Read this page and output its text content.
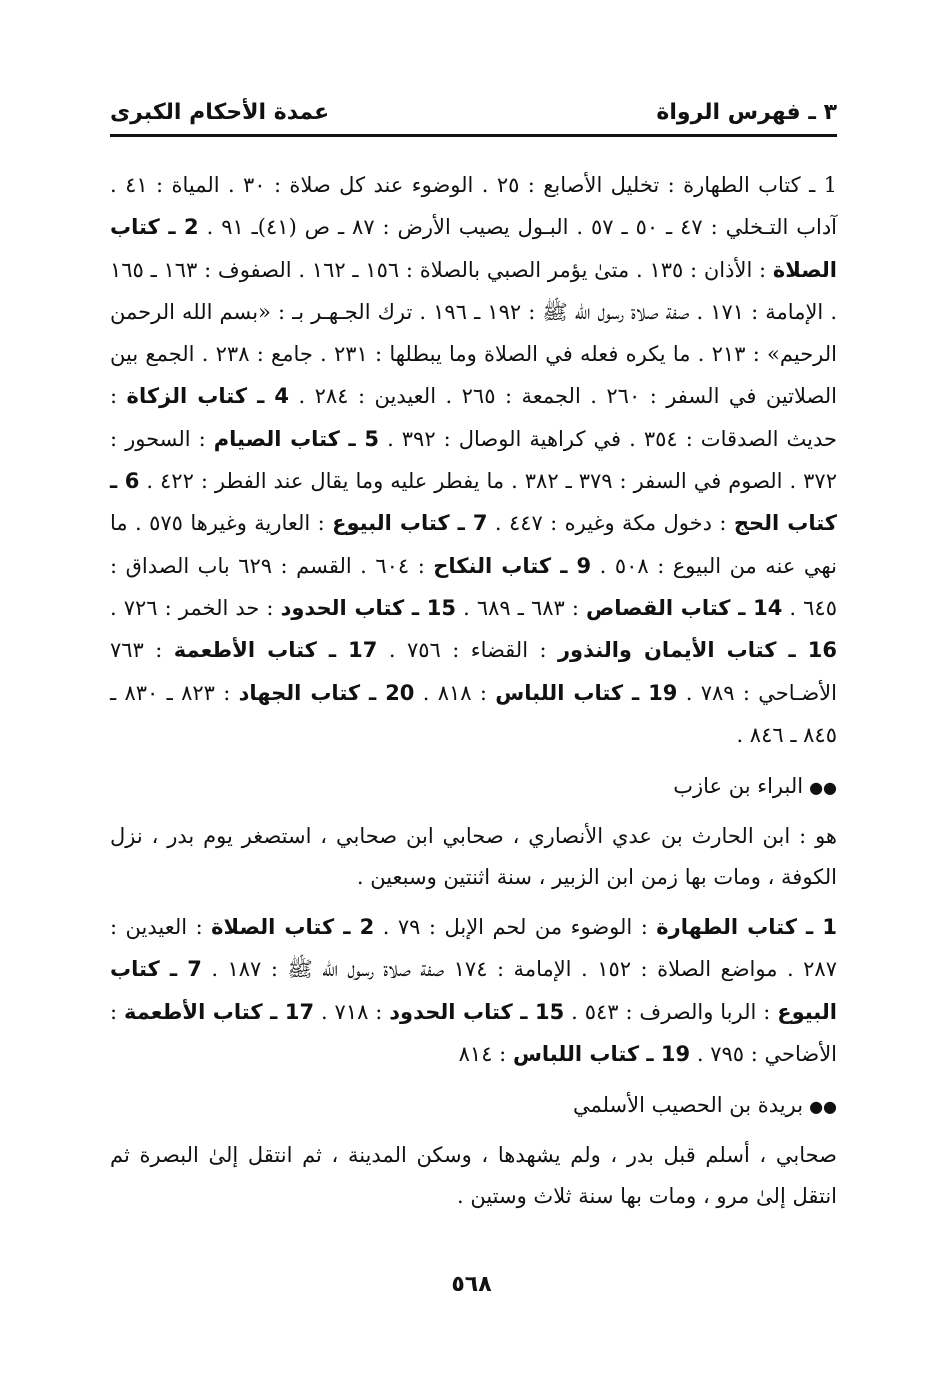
٣ ـ فهرس الرواة
عمدة الأحكام الكبرى

1 ـ كتاب الطهارة : تخليل الأصابع : ٢٥ . الوضوء عند كل صلاة : ٣٠ . المياة : ٤١ . آداب التـخلي : ٤٧ ـ ٥٠ ـ ٥٧ . البـول يصيب الأرض : ٨٧ ـ ص (٤١)ـ ٩١ . 2 ـ كتاب الصلاة : الأذان : ١٣٥ . متىٰ يؤمر الصبي بالصلاة : ١٥٦ ـ ١٦٢ . الصفوف : ١٦٣ ـ ١٦٥ . الإمامة : ١٧١ . صفة صلاة رسول الله ﷺ : ١٩٢ ـ ١٩٦ . ترك الجـهـر بـ : «بسم الله الرحمن الرحيم» : ٢١٣ . ما يكره فعله في الصلاة وما يبطلها : ٢٣١ . جامع : ٢٣٨ . الجمع بين الصلاتين في السفر : ٢٦٠ . الجمعة : ٢٦٥ . العيدين : ٢٨٤ . 4 ـ كتاب الزكاة : حديث الصدقات : ٣٥٤ . في كراهية الوصال : ٣٩٢ . 5 ـ كتاب الصيام : السحور : ٣٧٢ . الصوم في السفر : ٣٧٩ ـ ٣٨٢ . ما يفطر عليه وما يقال عند الفطر : ٤٢٢ . 6 ـ كتاب الحج : دخول مكة وغيره : ٤٤٧ . 7 ـ كتاب البيوع : العارية وغيرها ٥٧٥ . ما نهي عنه من البيوع : ٥٠٨ . 9 ـ كتاب النكاح : ٦٠٤ . القسم : ٦٢٩ باب الصداق : ٦٤٥ . 14 ـ كتاب القصاص : ٦٨٣ ـ ٦٨٩ . 15 ـ كتاب الحدود : حد الخمر : ٧٢٦ . 16 ـ كتاب الأيمان والنذور : القضاء : ٧٥٦ . 17 ـ كتاب الأطعمة : ٧٦٣ الأضـاحي : ٧٨٩ . 19 ـ كتاب اللباس : ٨١٨ . 20 ـ كتاب الجهاد : ٨٢٣ ـ ٨٣٠ ـ ٨٤٥ ـ ٨٤٦ .

●●البراء بن عازب

هو : ابن الحارث بن عدي الأنصاري ، صحابي ابن صحابي ، استصغر يوم بدر ، نزل الكوفة ، ومات بها زمن ابن الزبير ، سنة اثنتين وسبعين .

1 ـ كتاب الطهارة : الوضوء من لحم الإبل : ٧٩ . 2 ـ كتاب الصلاة : العيدين : ٢٨٧ . مواضع الصلاة : ١٥٢ . الإمامة : ١٧٤ صفة صلاة رسول الله ﷺ : ١٨٧ . 7 ـ كتاب البيوع : الربا والصرف : ٥٤٣ . 15 ـ كتاب الحدود : ٧١٨ . 17 ـ كتاب الأطعمة : الأضاحي : ٧٩٥ . 19 ـ كتاب اللباس : ٨١٤

●●بريدة بن الحصيب الأسلمي

صحابي ، أسلم قبل بدر ، ولم يشهدها ، وسكن المدينة ، ثم انتقل إلىٰ البصرة ثم انتقل إلىٰ مرو ، ومات بها سنة ثلاث وستين .

٥٦٨
